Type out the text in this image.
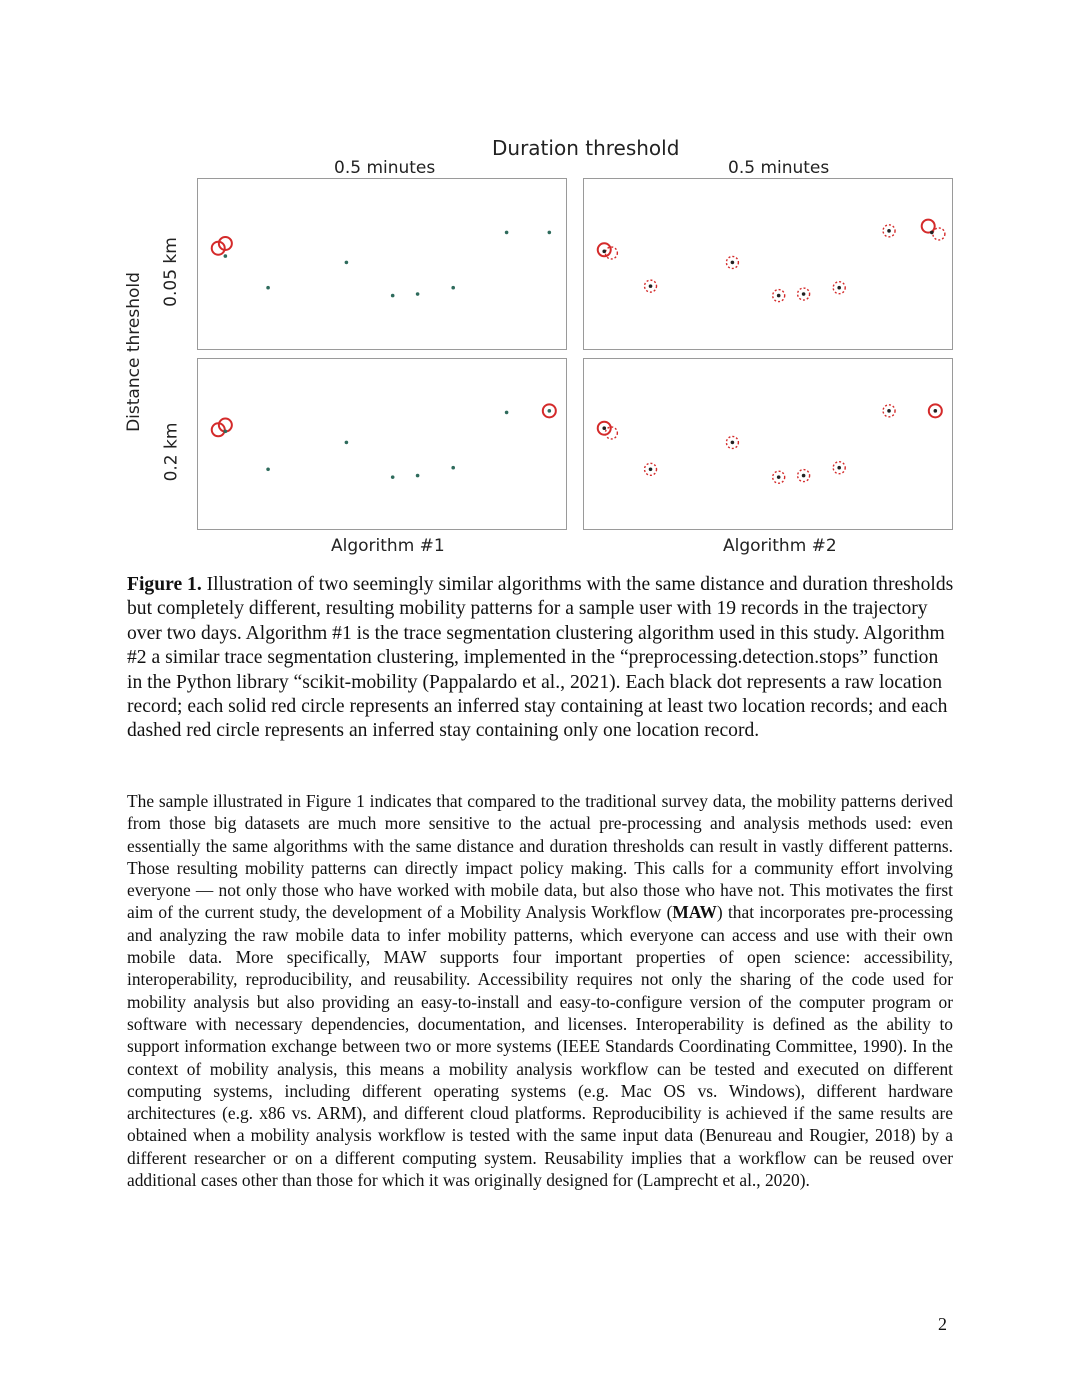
Duration threshold
0.5 minutes	0.5 minutes
Distance threshold
0.05 km
0.2 km
Algorithm #1	Algorithm #2
Figure 1. Illustration of two seemingly similar algorithms with the same distance and duration thresholds but completely different, resulting mobility patterns for a sample user with 19 records in the trajectory over two days. Algorithm #1 is the trace segmentation clustering algorithm used in this study. Algorithm #2 a similar trace segmentation clustering, implemented in the “preprocessing.detection.stops” function in the Python library “scikit-mobility (Pappalardo et al., 2021). Each black dot represents a raw location record; each solid red circle represents an inferred stay containing at least two location records; and each dashed red circle represents an inferred stay containing only one location record.

The sample illustrated in Figure 1 indicates that compared to the traditional survey data, the mobility patterns derived from those big datasets are much more sensitive to the actual pre-processing and analysis methods used: even essentially the same algorithms with the same distance and duration thresholds can result in vastly different patterns. Those resulting mobility patterns can directly impact policy making. This calls for a community effort involving everyone — not only those who have worked with mobile data, but also those who have not. This motivates the first aim of the current study, the development of a Mobility Analysis Workflow (MAW) that incorporates pre-processing and analyzing the raw mobile data to infer mobility patterns, which everyone can access and use with their own mobile data. More specifically, MAW supports four important properties of open science: accessibility, interoperability, reproducibility, and reusability. Accessibility requires not only the sharing of the code used for mobility analysis but also providing an easy-to-install and easy-to-configure version of the computer program or software with necessary dependencies, documentation, and licenses. Interoperability is defined as the ability to support information exchange between two or more systems (IEEE Standards Coordinating Committee, 1990). In the context of mobility analysis, this means a mobility analysis workflow can be tested and executed on different computing systems, including different operating systems (e.g. Mac OS vs. Windows), different hardware architectures (e.g. x86 vs. ARM), and different cloud platforms. Reproducibility is achieved if the same results are obtained when a mobility analysis workflow is tested with the same input data (Benureau and Rougier, 2018) by a different researcher or on a different computing system. Reusability implies that a workflow can be reused over additional cases other than those for which it was originally designed for (Lamprecht et al., 2020).

2
